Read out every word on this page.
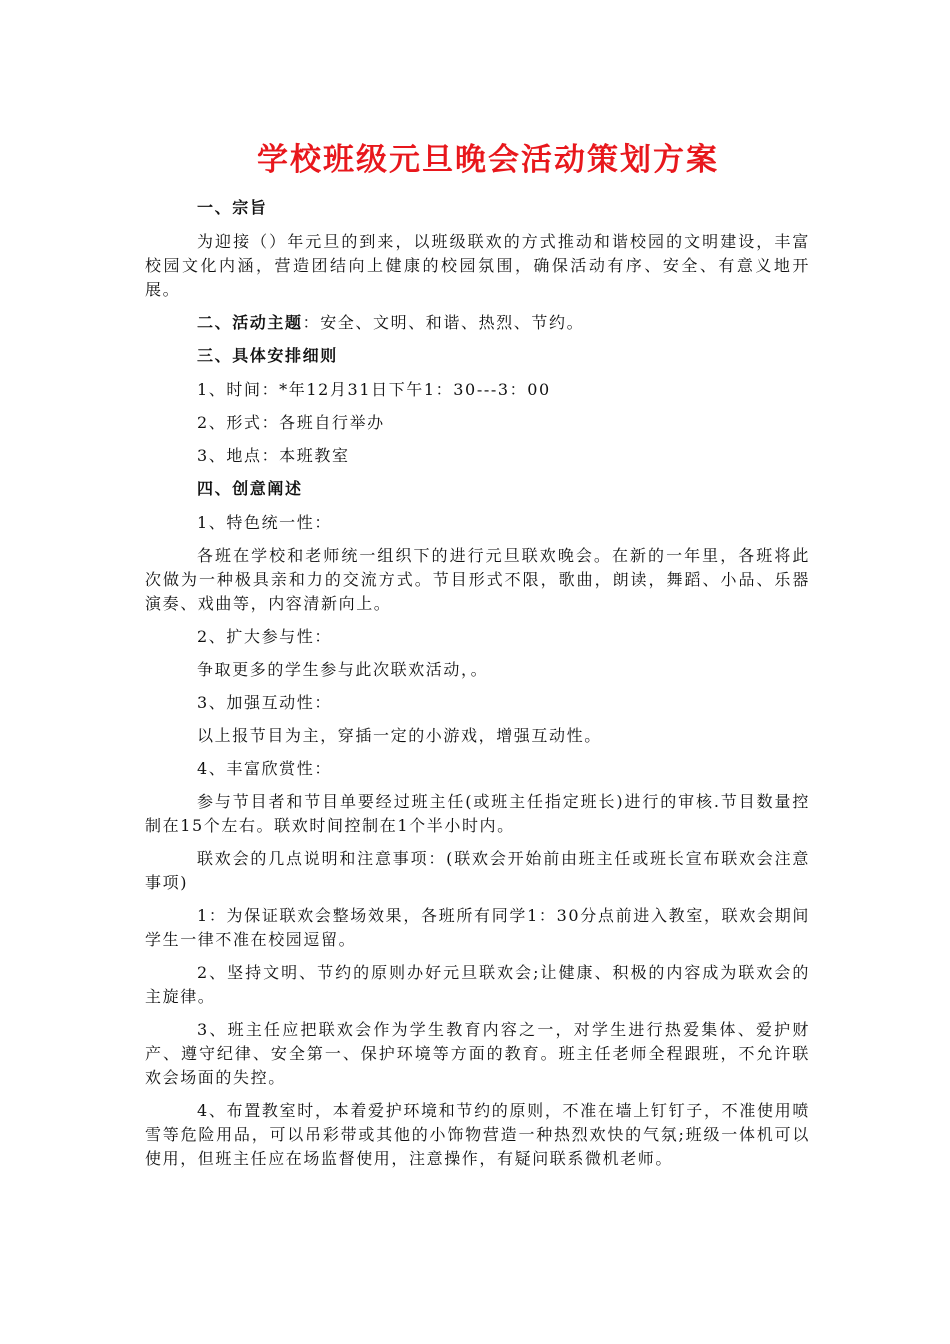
学校班级元旦晚会活动策划方案
一、宗旨
为迎接（）年元旦的到来，以班级联欢的方式推动和谐校园的文明建设，丰富校园文化内涵，营造团结向上健康的校园氛围，确保活动有序、安全、有意义地开展。
二、活动主题：安全、文明、和谐、热烈、节约。
三、具体安排细则
1、时间：*年12月31日下午1：30---3：00
2、形式：各班自行举办
3、地点：本班教室
四、创意阐述
1、特色统一性：
各班在学校和老师统一组织下的进行元旦联欢晚会。在新的一年里，各班将此次做为一种极具亲和力的交流方式。节目形式不限，歌曲，朗读，舞蹈、小品、乐器演奏、戏曲等，内容清新向上。
2、扩大参与性：
争取更多的学生参与此次联欢活动，。
3、加强互动性：
以上报节目为主，穿插一定的小游戏，增强互动性。
4、丰富欣赏性：
参与节目者和节目单要经过班主任(或班主任指定班长)进行的审核.节目数量控制在15个左右。联欢时间控制在1个半小时内。
联欢会的几点说明和注意事项：(联欢会开始前由班主任或班长宣布联欢会注意事项)
1：为保证联欢会整场效果，各班所有同学1：30分点前进入教室，联欢会期间学生一律不准在校园逗留。
2、坚持文明、节约的原则办好元旦联欢会;让健康、积极的内容成为联欢会的主旋律。
3、班主任应把联欢会作为学生教育内容之一，对学生进行热爱集体、爱护财产、遵守纪律、安全第一、保护环境等方面的教育。班主任老师全程跟班，不允许联欢会场面的失控。
4、布置教室时，本着爱护环境和节约的原则，不准在墙上钉钉子，不准使用喷雪等危险用品，可以吊彩带或其他的小饰物营造一种热烈欢快的气氛;班级一体机可以使用，但班主任应在场监督使用，注意操作，有疑问联系微机老师。
